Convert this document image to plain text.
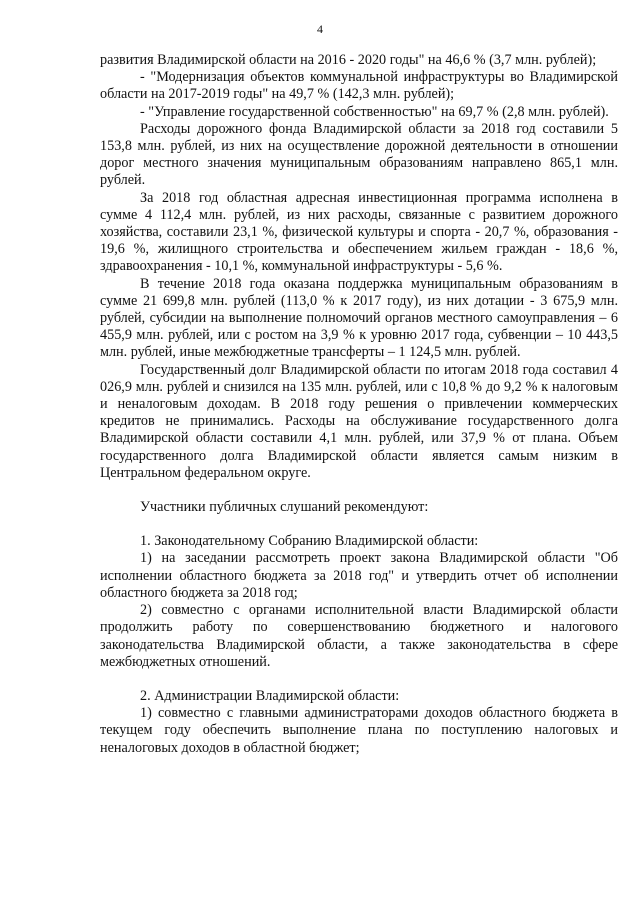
4

развития Владимирской области на 2016 - 2020 годы" на 46,6 % (3,7 млн. рублей);

- "Модернизация объектов коммунальной инфраструктуры во Владимирской области на 2017-2019 годы" на 49,7 % (142,3 млн. рублей);

- "Управление государственной собственностью" на 69,7 % (2,8 млн. рублей).

Расходы дорожного фонда Владимирской области за 2018 год составили 5 153,8 млн. рублей, из них на осуществление дорожной деятельности в отношении дорог местного значения муниципальным образованиям направлено 865,1 млн. рублей.

За 2018 год областная адресная инвестиционная программа исполнена в сумме 4 112,4 млн. рублей, из них расходы, связанные с развитием дорожного хозяйства, составили 23,1 %, физической культуры и спорта - 20,7 %, образования - 19,6 %, жилищного строительства и обеспечением жильем граждан - 18,6 %, здравоохранения - 10,1 %, коммунальной инфраструктуры - 5,6 %.

В течение 2018 года оказана поддержка муниципальным образованиям в сумме 21 699,8 млн. рублей (113,0 % к 2017 году), из них дотации - 3 675,9 млн. рублей, субсидии на выполнение полномочий органов местного самоуправления – 6 455,9 млн. рублей, или с ростом на 3,9 % к уровню 2017 года, субвенции – 10 443,5 млн. рублей, иные межбюджетные трансферты – 1 124,5 млн. рублей.

Государственный долг Владимирской области по итогам 2018 года составил 4 026,9 млн. рублей и снизился на 135 млн. рублей, или с 10,8 % до 9,2 % к налоговым и неналоговым доходам. В 2018 году решения о привлечении коммерческих кредитов не принимались. Расходы на обслуживание государственного долга Владимирской области составили 4,1 млн. рублей, или 37,9 % от плана. Объем государственного долга Владимирской области является самым низким в Центральном федеральном округе.

Участники публичных слушаний рекомендуют:

1. Законодательному Собранию Владимирской области:

1) на заседании рассмотреть проект закона Владимирской области "Об исполнении областного бюджета за 2018 год" и утвердить отчет об исполнении областного бюджета за 2018 год;

2) совместно с органами исполнительной власти Владимирской области продолжить работу по совершенствованию бюджетного и налогового законодательства Владимирской области, а также законодательства в сфере межбюджетных отношений.

2. Администрации Владимирской области:

1) совместно с главными администраторами доходов областного бюджета в текущем году обеспечить выполнение плана по поступлению налоговых и неналоговых доходов в областной бюджет;
